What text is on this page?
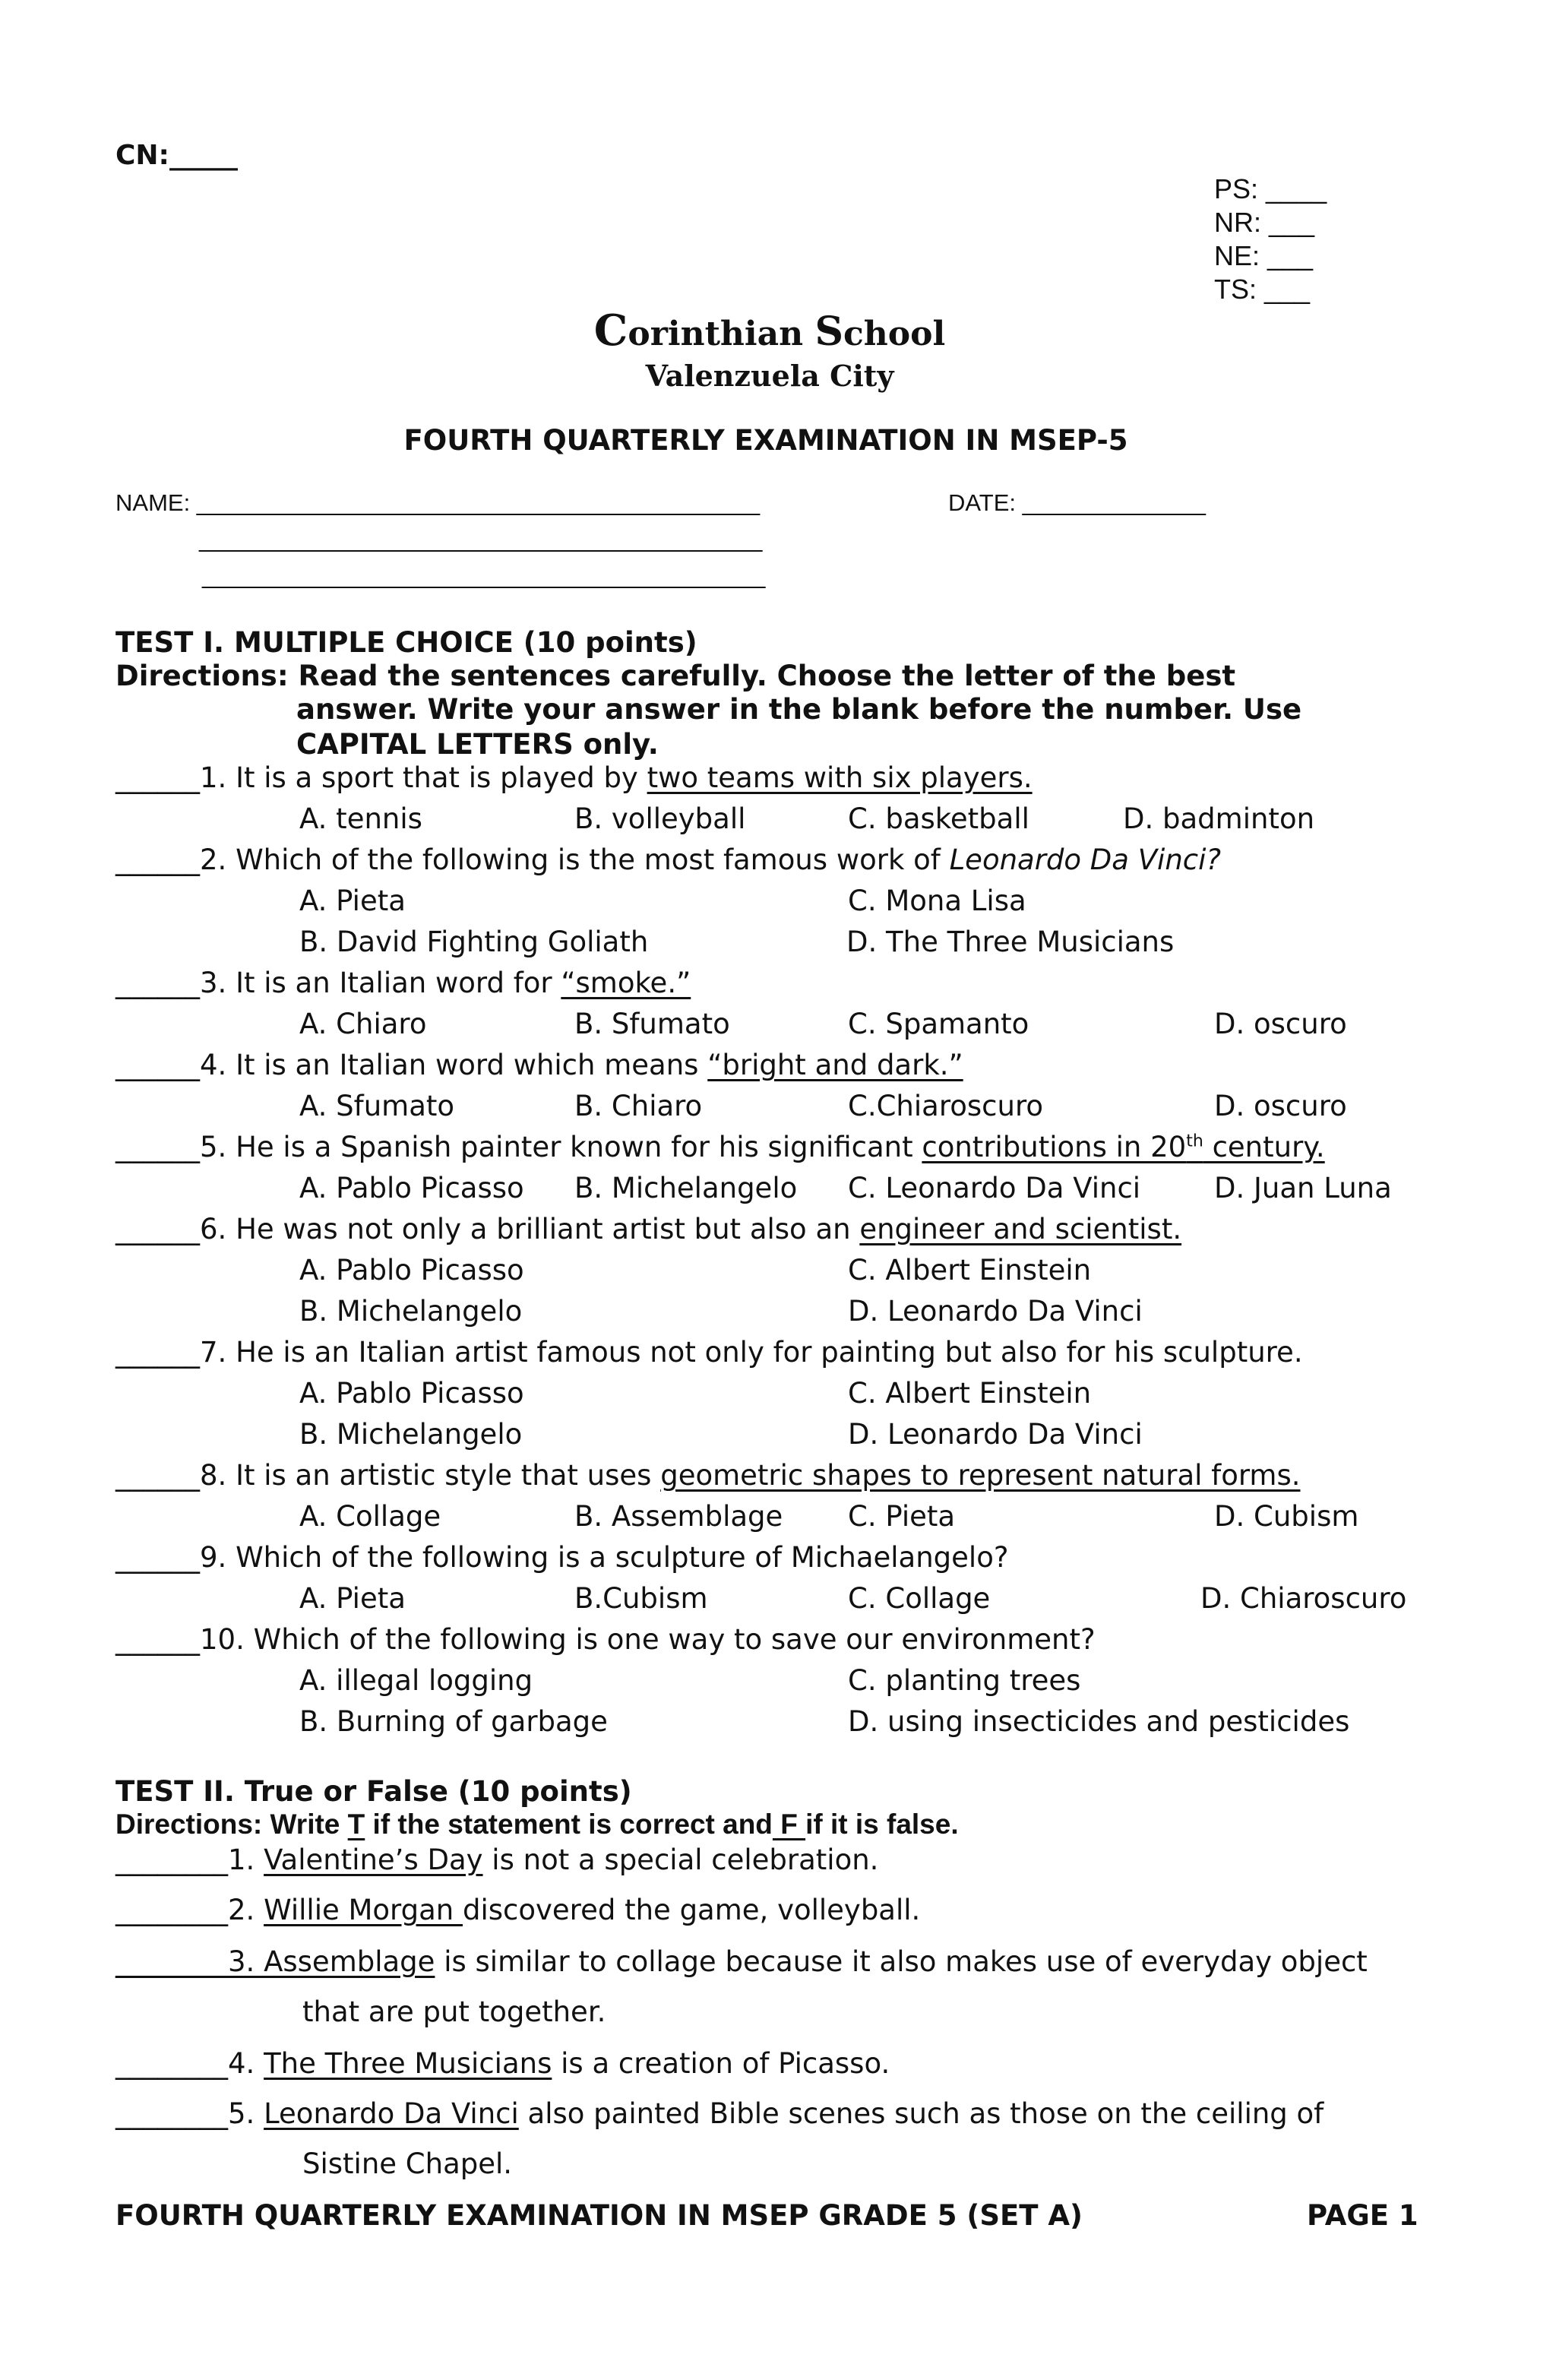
CN:_____
PS: ____
NR: ___
NE: ___
TS: ___
Corinthian School
Valenzuela City
FOURTH QUARTERLY EXAMINATION IN MSEP-5
NAME: ___________________________________________	DATE: ______________
___________________________________________
___________________________________________
TEST I. MULTIPLE CHOICE (10 points)
Directions: Read the sentences carefully. Choose the letter of the best
answer. Write your answer in the blank before the number. Use
CAPITAL LETTERS only.
______1. It is a sport that is played by two teams with six players.
A. tennis	B. volleyball	C. basketball	D. badminton
______2. Which of the following is the most famous work of Leonardo Da Vinci?
A. Pieta	C. Mona Lisa
B. David Fighting Goliath	D. The Three Musicians
______3. It is an Italian word for “smoke.”
A. Chiaro	B. Sfumato	C. Spamanto	D. oscuro
______4. It is an Italian word which means “bright and dark.”
A. Sfumato	B. Chiaro	C.Chiaroscuro	D. oscuro
______5. He is a Spanish painter known for his significant contributions in 20th century.
A. Pablo Picasso B. Michelangelo C. Leonardo Da Vinci	D. Juan Luna
______6. He was not only a brilliant artist but also an engineer and scientist.
A. Pablo Picasso	C. Albert Einstein
B. Michelangelo	D. Leonardo Da Vinci
______7. He is an Italian artist famous not only for painting but also for his sculpture.
A. Pablo Picasso	C. Albert Einstein
B. Michelangelo	D. Leonardo Da Vinci
______8. It is an artistic style that uses geometric shapes to represent natural forms.
A. Collage	B. Assemblage C. Pieta	D. Cubism
______9. Which of the following is a sculpture of Michaelangelo?
A. Pieta	B.Cubism	C. Collage	D. Chiaroscuro
______10. Which of the following is one way to save our environment?
A. illegal logging	C. planting trees
B. Burning of garbage	D. using insecticides and pesticides
TEST II. True or False (10 points)
Directions: Write T if the statement is correct and F if it is false.
________1. Valentine’s Day is not a special celebration.
________2. Willie Morgan discovered the game, volleyball.
________3. Assemblage is similar to collage because it also makes use of everyday object
that are put together.
________4. The Three Musicians is a creation of Picasso.
________5. Leonardo Da Vinci also painted Bible scenes such as those on the ceiling of
Sistine Chapel.
FOURTH QUARTERLY EXAMINATION IN MSEP GRADE 5 (SET A)	PAGE 1
